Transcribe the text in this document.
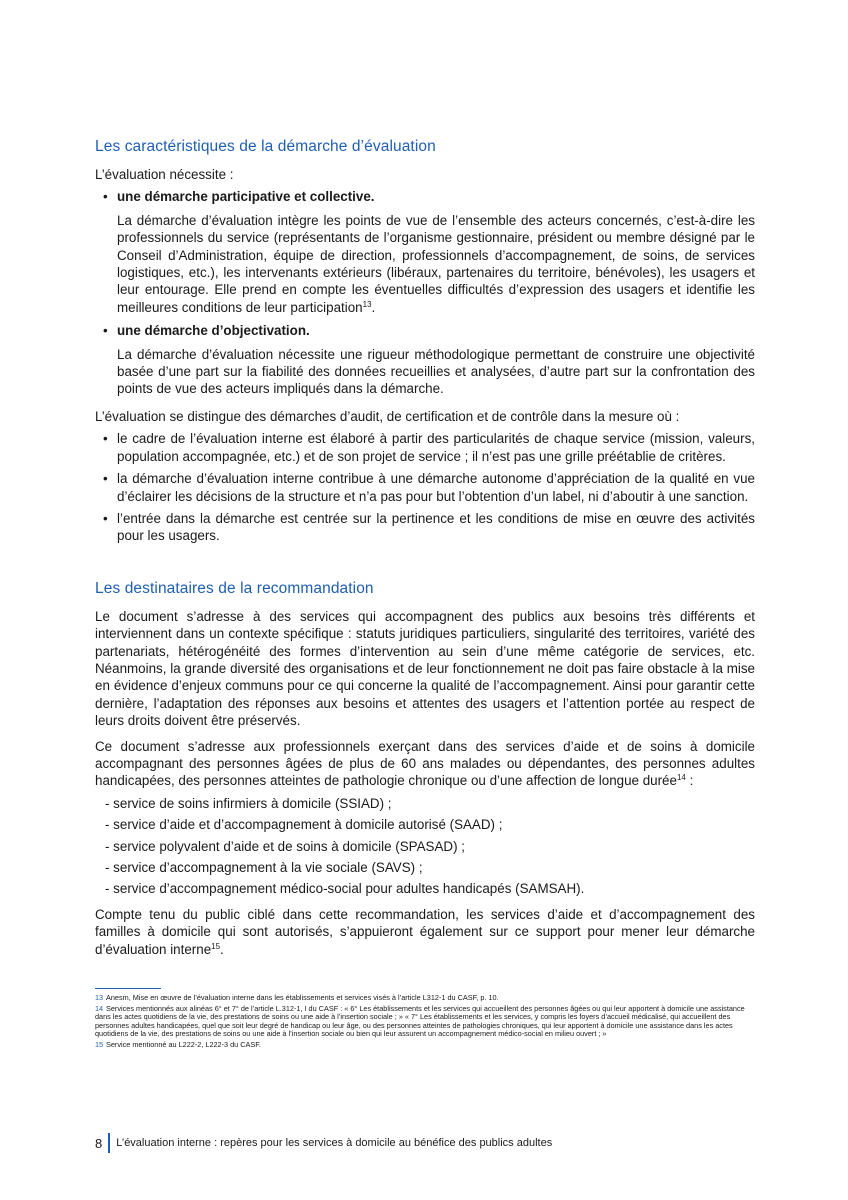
Les caractéristiques de la démarche d’évaluation

L’évaluation nécessite :

• une démarche participative et collective.

La démarche d’évaluation intègre les points de vue de l’ensemble des acteurs concernés, c’est-à-dire les professionnels du service (représentants de l’organisme gestionnaire, président ou membre désigné par le Conseil d’Administration, équipe de direction, professionnels d’accompagnement, de soins, de services logistiques, etc.), les intervenants extérieurs (libéraux, partenaires du territoire, bénévoles), les usagers et leur entourage. Elle prend en compte les éventuelles difficultés d’expression des usagers et identifie les meilleures conditions de leur participation$^{13}$.

• une démarche d’objectivation.

La démarche d’évaluation nécessite une rigueur méthodologique permettant de construire une objectivité basée d’une part sur la fiabilité des données recueillies et analysées, d’autre part sur la confrontation des points de vue des acteurs impliqués dans la démarche.

L’évaluation se distingue des démarches d’audit, de certification et de contrôle dans la mesure où :

• le cadre de l’évaluation interne est élaboré à partir des particularités de chaque service (mission, valeurs, population accompagnée, etc.) et de son projet de service ; il n’est pas une grille préétablie de critères.
• la démarche d’évaluation interne contribue à une démarche autonome d’appréciation de la qualité en vue d’éclairer les décisions de la structure et n’a pas pour but l’obtention d’un label, ni d’aboutir à une sanction.
• l’entrée dans la démarche est centrée sur la pertinence et les conditions de mise en œuvre des activités pour les usagers.
Les destinataires de la recommandation

Le document s’adresse à des services qui accompagnent des publics aux besoins très différents et interviennent dans un contexte spécifique : statuts juridiques particuliers, singularité des territoires, variété des partenariats, hétérogénéité des formes d’intervention au sein d’une même catégorie de services, etc. Néanmoins, la grande diversité des organisations et de leur fonctionnement ne doit pas faire obstacle à la mise en évidence d’enjeux communs pour ce qui concerne la qualité de l’accompagnement. Ainsi pour garantir cette dernière, l’adaptation des réponses aux besoins et attentes des usagers et l’attention portée au respect de leurs droits doivent être préservés.

Ce document s’adresse aux professionnels exerçant dans des services d’aide et de soins à domicile accompagnant des personnes âgées de plus de 60 ans malades ou dépendantes, des personnes adultes handicapées, des personnes atteintes de pathologie chronique ou d’une affection de longue durée$^{14}$ :

- service de soins infirmiers à domicile (SSIAD) ;
- service d’aide et d’accompagnement à domicile autorisé (SAAD) ;
- service polyvalent d’aide et de soins à domicile (SPASAD) ;
- service d’accompagnement à la vie sociale (SAVS) ;
- service d’accompagnement médico-social pour adultes handicapés (SAMSAH).

Compte tenu du public ciblé dans cette recommandation, les services d’aide et d’accompagnement des familles à domicile qui sont autorisés, s’appuieront également sur ce support pour mener leur démarche d’évaluation interne$^{15}$.

13 Anesm, Mise en œuvre de l’évaluation interne dans les établissements et services visés à l’article L312-1 du CASF, p. 10.
14 Services mentionnés aux alinéas 6° et 7° de l’article L.312-1, I du CASF : « 6° Les établissements et les services qui accueillent des personnes âgées ou qui leur apportent à domicile une assistance dans les actes quotidiens de la vie, des prestations de soins ou une aide à l’insertion sociale ; » « 7° Les établissements et les services, y compris les foyers d’accueil médicalisé, qui accueillent des personnes adultes handicapées, quel que soit leur degré de handicap ou leur âge, ou des personnes atteintes de pathologies chroniques, qui leur apportent à domicile une assistance dans les actes quotidiens de la vie, des prestations de soins ou une aide à l’insertion sociale ou bien qui leur assurent un accompagnement médico-social en milieu ouvert ; »
15 Service mentionné au L222-2, L222-3 du CASF.
8	L’évaluation interne : repères pour les services à domicile au bénéfice des publics adultes
